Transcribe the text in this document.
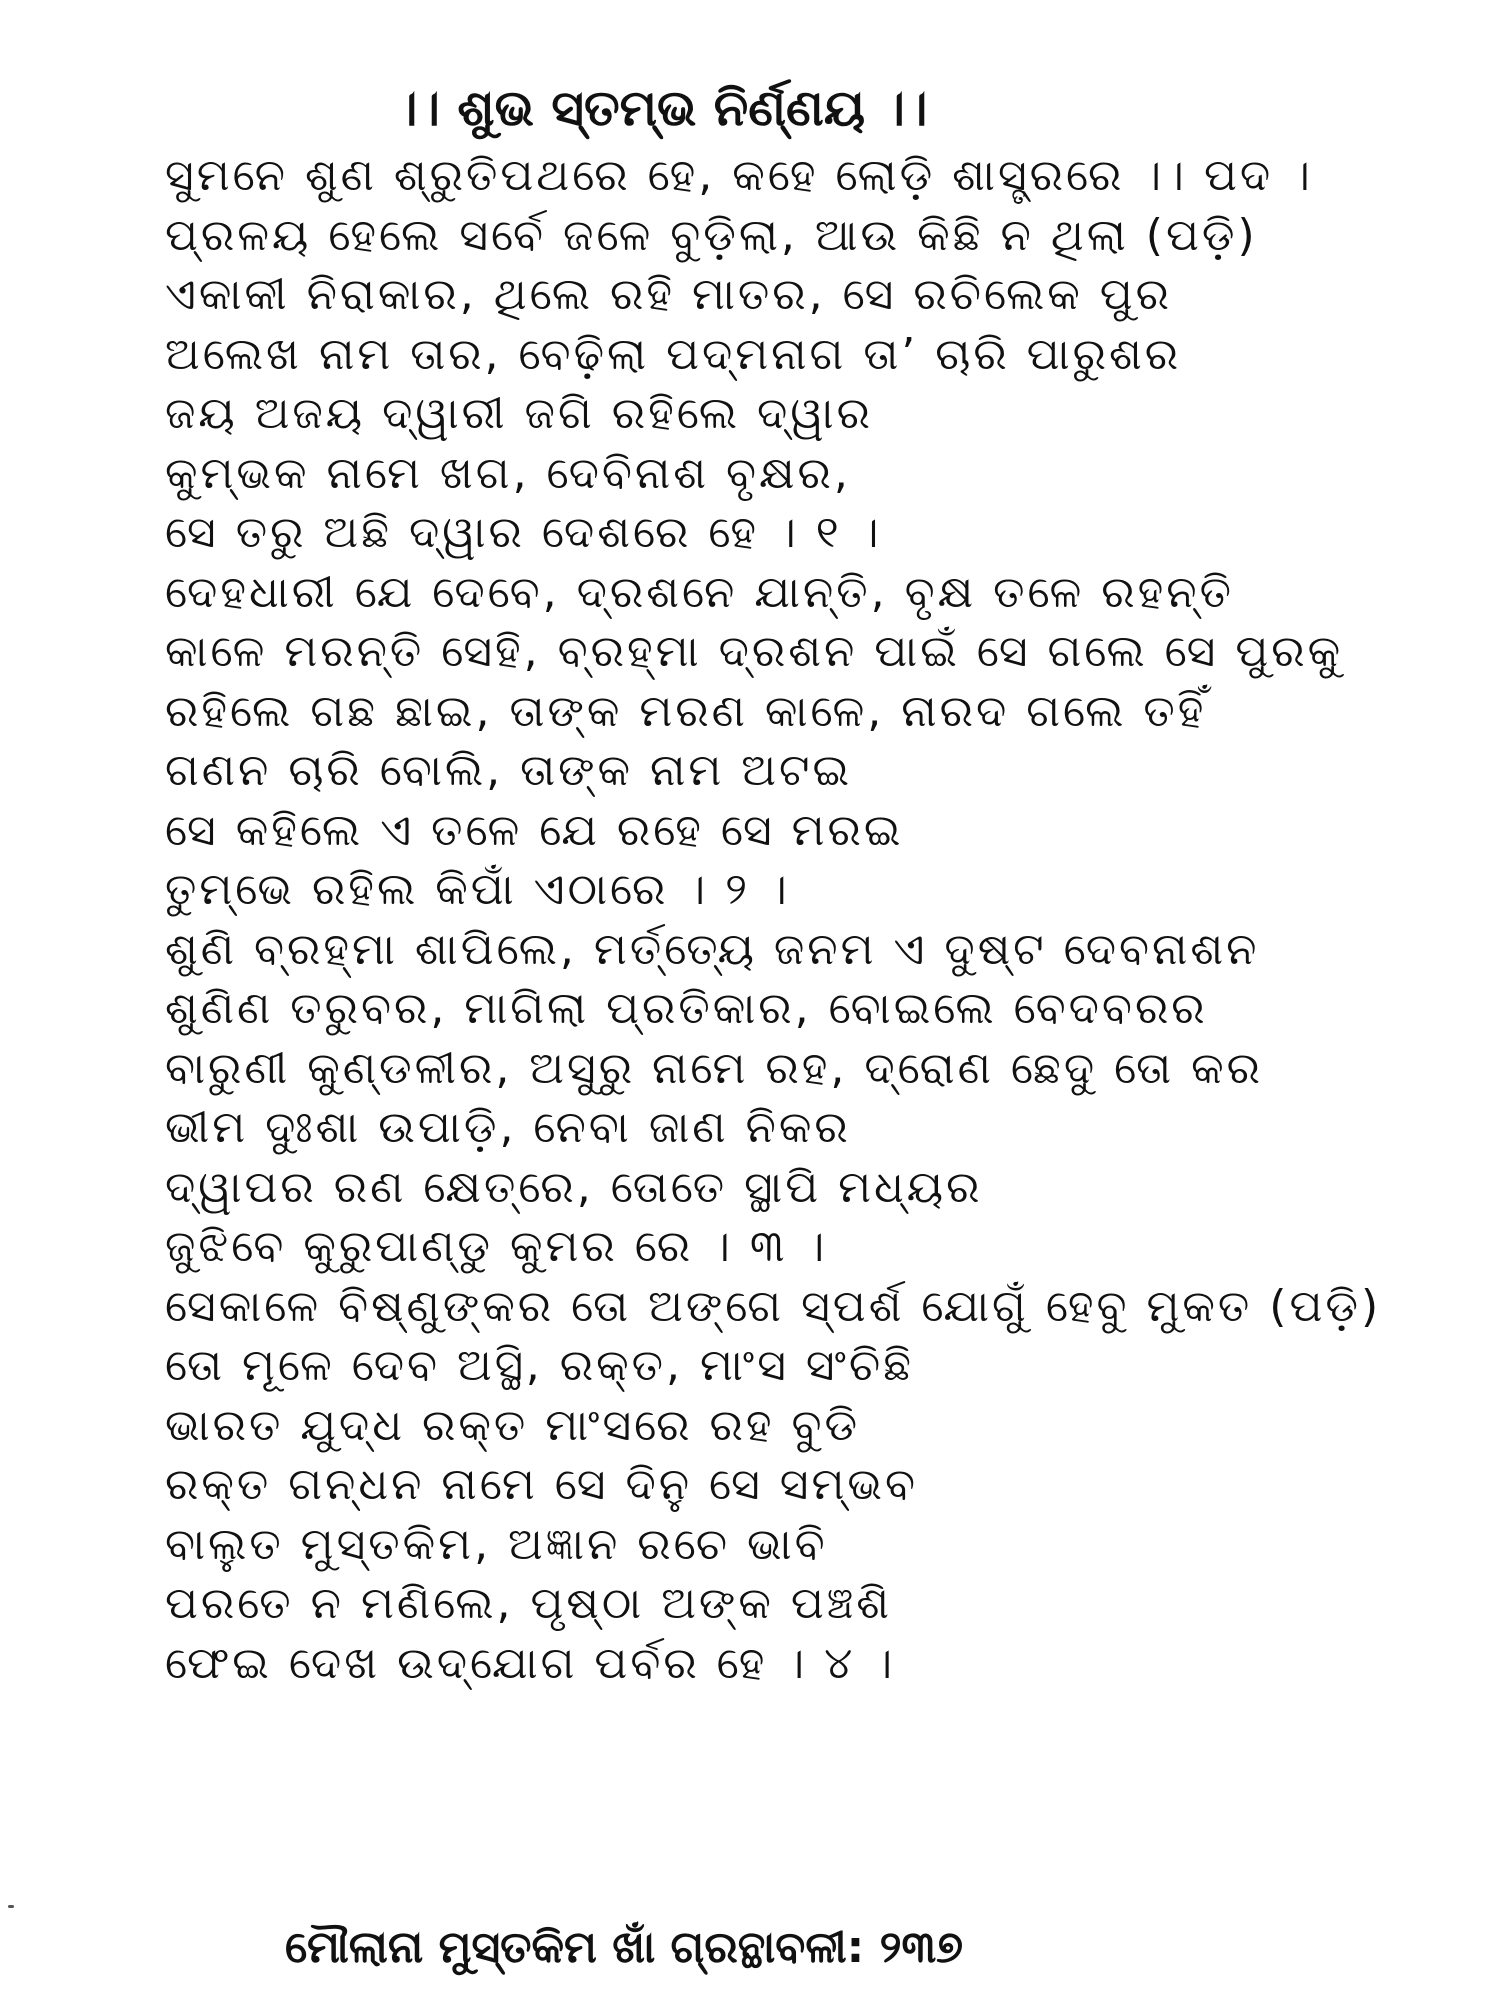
।। ଶୁଭ ସ୍ତମ୍ଭ ନିର୍ଣ୍ଣୟ ।।
ସୁମନେ ଶୁଣ ଶ୍ରୁତିପଥରେ ହେ, କହେ ଲୋଡ଼ି ଶାସ୍ତ୍ରରେ ।। ପଦ ।
ପ୍ରଳୟ ହେଲେ ସର୍ବେ ଜଳେ ବୁଡ଼ିଲା, ଆଉ କିଛି ନ ଥିଲା (ପଡ଼ି)
ଏକାକୀ ନିରାକାର, ଥିଲେ ରହି ମାତର, ସେ ରଚିଲେକ ପୁର
ଅଲେଖ ନାମ ତାର, ବେଢ଼ିଲା ପଦ୍ମନାଗ ତା’ ଚାରି ପାରୁଶର
ଜୟ ଅଜୟ ଦ୍ୱାରୀ ଜଗି ରହିଲେ ଦ୍ୱାର
କୁମ୍ଭକ ନାମେ ଖଗ, ଦେବିନାଶ ବୃକ୍ଷର,
ସେ ତରୁ ଅଛି ଦ୍ୱାର ଦେଶରେ ହେ । ୧ ।
ଦେହଧାରୀ ଯେ ଦେବେ, ଦ୍ରଶନେ ଯାନ୍ତି, ବୃକ୍ଷ ତଳେ ରହନ୍ତି
କାଳେ ମରନ୍ତି ସେହି, ବ୍ରହ୍ମା ଦ୍ରଶନ ପାଇଁ ସେ ଗଲେ ସେ ପୁରକୁ
ରହିଲେ ଗଛ ଛାଇ, ତାଙ୍କ ମରଣ କାଳେ, ନାରଦ ଗଲେ ତହିଁ
ଗଣନ ଚାରି ବୋଲି, ତାଙ୍କ ନାମ ଅଟଇ
ସେ କହିଲେ ଏ ତଳେ ଯେ ରହେ ସେ ମରଇ
ତୁମ୍ଭେ ରହିଲ କିପାଁ ଏଠାରେ । ୨ ।
ଶୁଣି ବ୍ରହ୍ମା ଶାପିଲେ, ମର୍ତ୍ତ୍ୟେ ଜନମ ଏ ଦୁଷ୍ଟ ଦେବନାଶନ
ଶୁଣିଣ ତରୁବର, ମାଗିଲା ପ୍ରତିକାର, ବୋଇଲେ ବେଦବରର
ବାରୁଣୀ କୁଣ୍ଡଳୀର, ଅସୁରୁ ନାମେ ରହ, ଦ୍ରୋଣ ଛେଦୁ ତୋ କର
ଭୀମ ଦୁଃଶା ଉପାଡ଼ି, ନେବା ଜାଣ ନିକର
ଦ୍ୱାପର ରଣ କ୍ଷେତ୍ରେ, ତୋତେ ସ୍ଥାପି ମଧ୍ୟର
ଜୁଝିବେ କୁରୁପାଣ୍ଡୁ କୁମର ରେ । ୩ ।
ସେକାଳେ ବିଷ୍ଣୁଙ୍କର ତୋ ଅଙ୍ଗେ ସ୍ପର୍ଶ ଯୋଗୁଁ ହେବୁ ମୁକତ (ପଡ଼ି)
ତୋ ମୂଳେ ଦେବ ଅସ୍ଥି, ରକ୍ତ, ମାଂସ ସଂଚିଛି
ଭାରତ ଯୁଦ୍ଧ ରକ୍ତ ମାଂସରେ ରହ ବୁଡି
ରକ୍ତ ଗନ୍ଧନ ନାମେ ସେ ଦିନୁ ସେ ସମ୍ଭବ
ବାଲୁତ ମୁସ୍ତକିମ, ଅଜ୍ଞାନ ରଚେ ଭାବି
ପରତେ ନ ମଣିଲେ, ପୃଷ୍ଠା ଅଙ୍କ ପଞ୍ଚଶି
ଫେଇ ଦେଖ ଉଦ୍‌ଯୋଗ ପର୍ବର ହେ । ୪ ।
ମୌଲାନା ମୁସ୍ତକିମ ଖାଁ ଗ୍ରନ୍ଥାବଳୀ: ୨୩୭
